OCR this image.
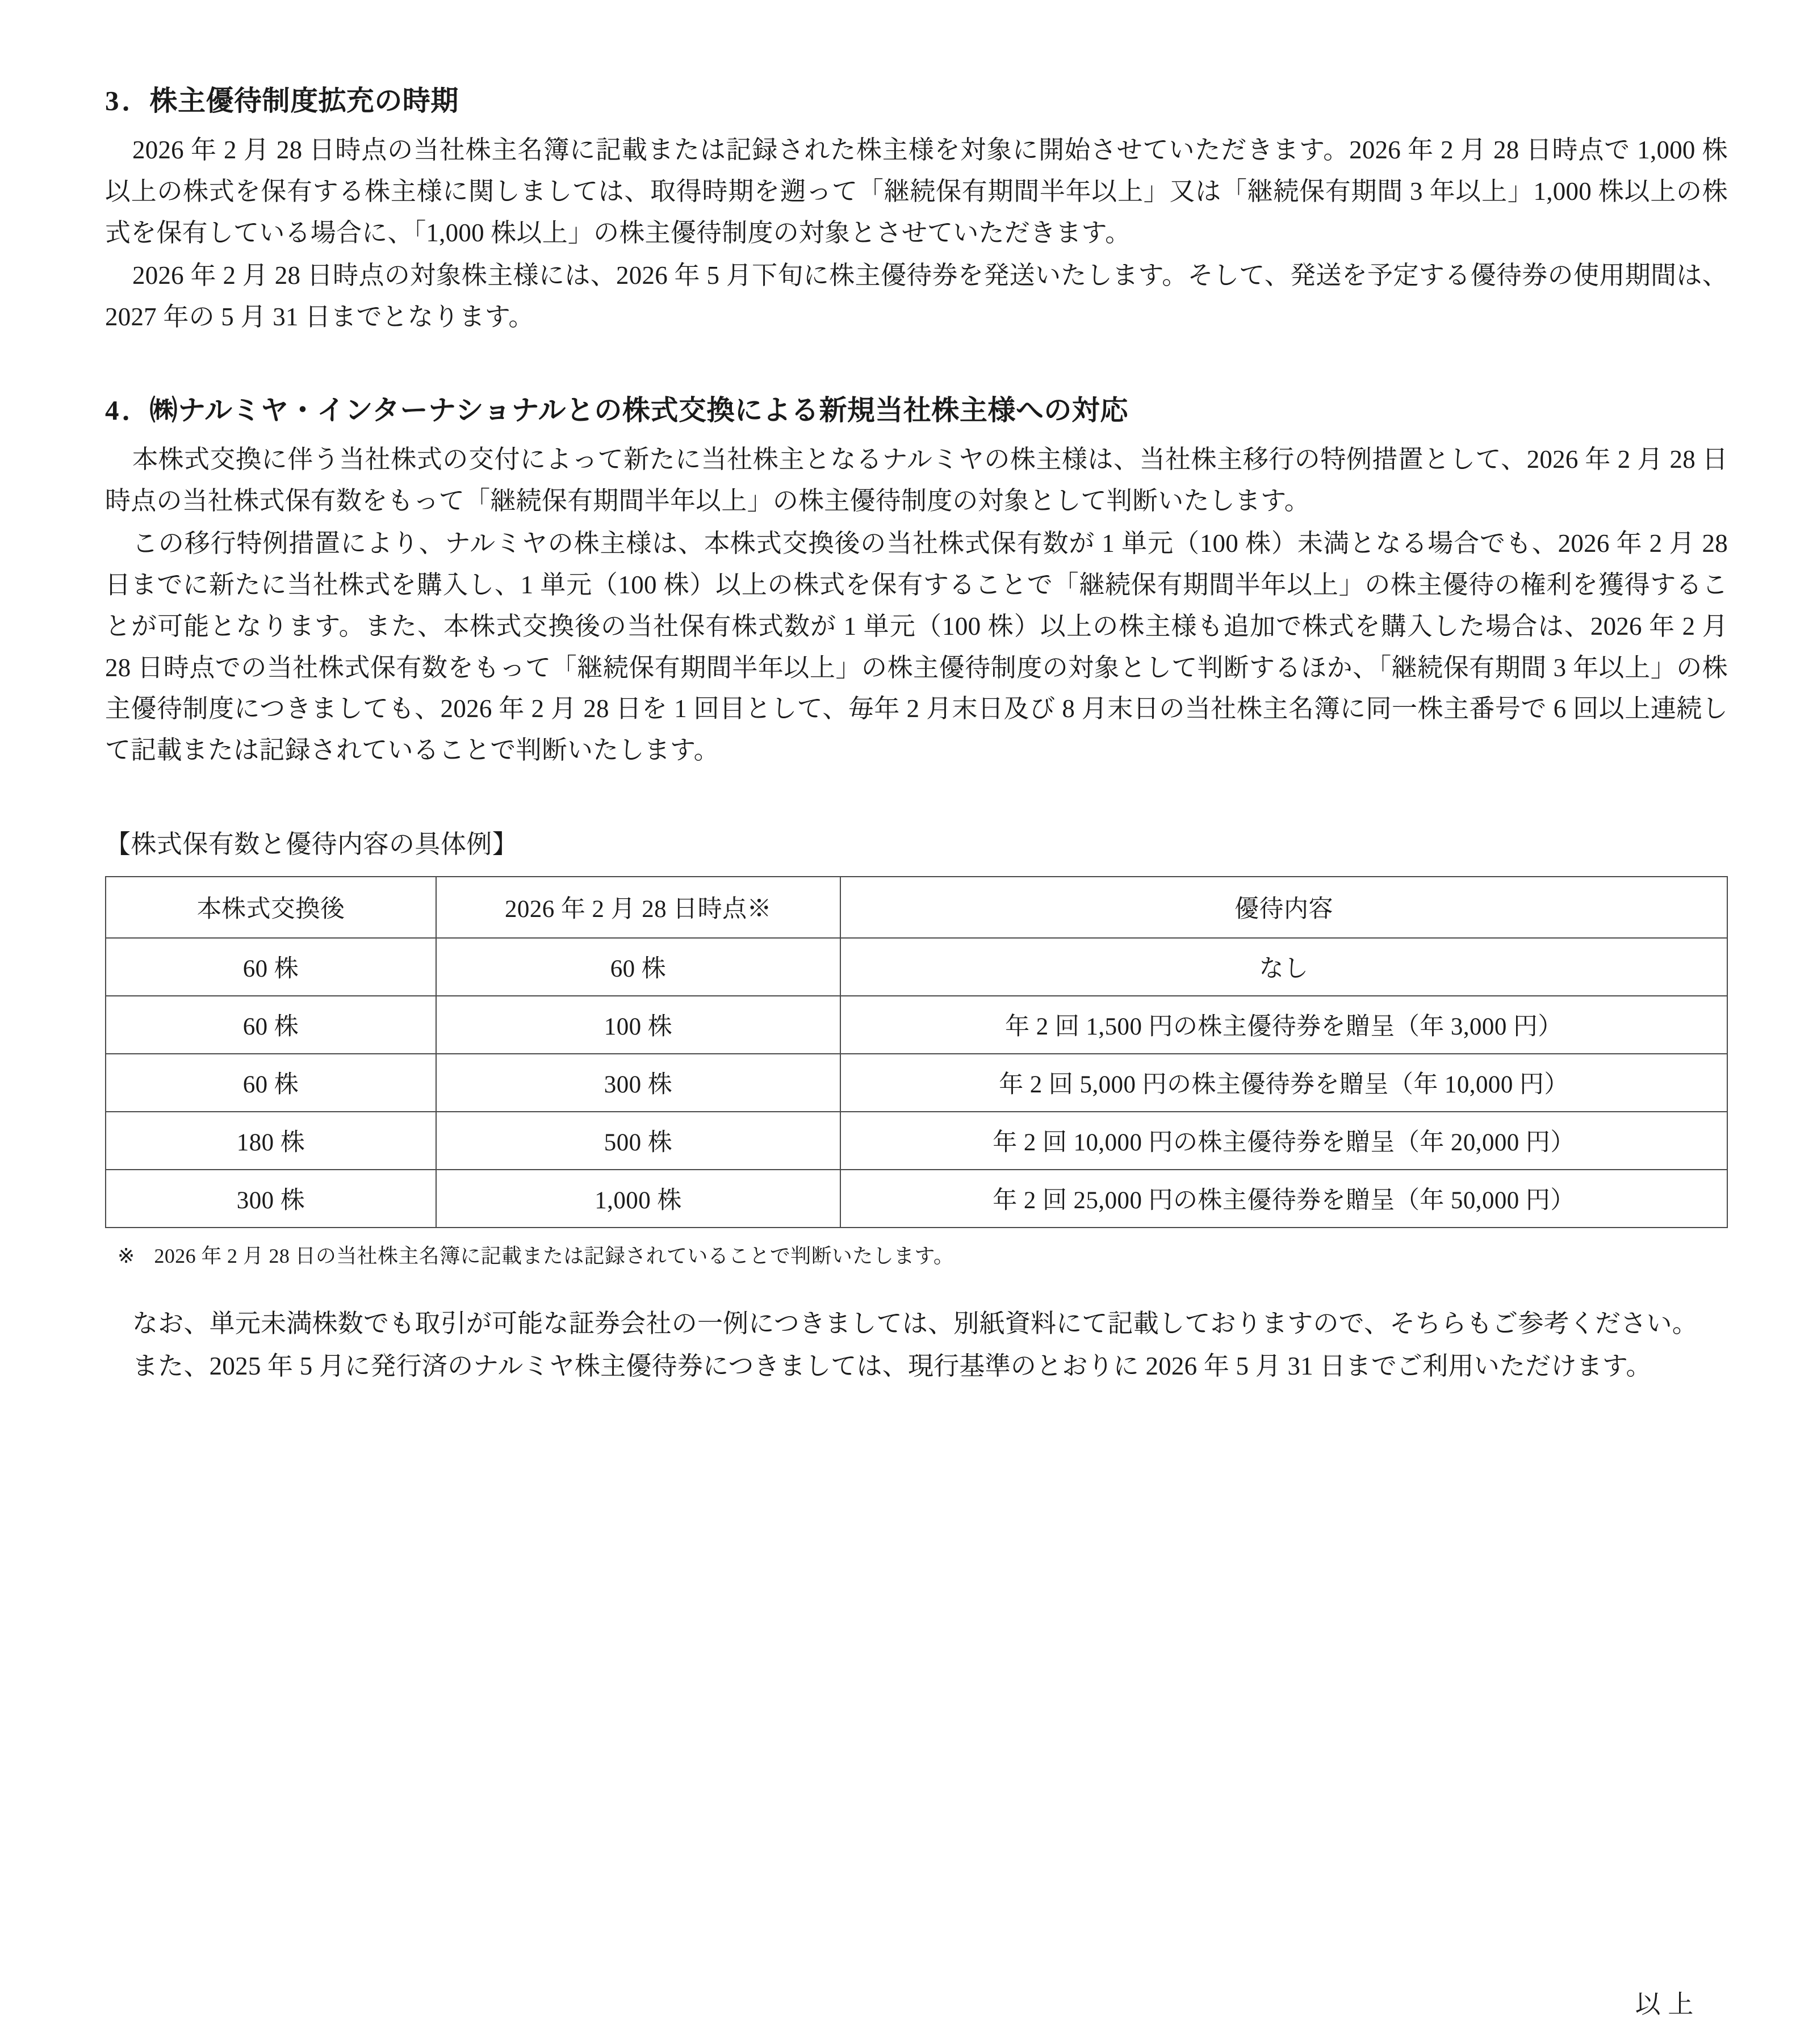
3．株主優待制度拡充の時期

2026 年 2 月 28 日時点の当社株主名簿に記載または記録された株主様を対象に開始させていただきます。2026 年 2 月 28 日時点で 1,000 株以上の株式を保有する株主様に関しましては、取得時期を遡って「継続保有期間半年以上」又は「継続保有期間 3 年以上」1,000 株以上の株式を保有している場合に、「1,000 株以上」の株主優待制度の対象とさせていただきます。

2026 年 2 月 28 日時点の対象株主様には、2026 年 5 月下旬に株主優待券を発送いたします。そして、発送を予定する優待券の使用期間は、2027 年の 5 月 31 日までとなります。

4．㈱ナルミヤ・インターナショナルとの株式交換による新規当社株主様への対応

本株式交換に伴う当社株式の交付によって新たに当社株主となるナルミヤの株主様は、当社株主移行の特例措置として、2026 年 2 月 28 日時点の当社株式保有数をもって「継続保有期間半年以上」の株主優待制度の対象として判断いたします。

この移行特例措置により、ナルミヤの株主様は、本株式交換後の当社株式保有数が 1 単元（100 株）未満となる場合でも、2026 年 2 月 28 日までに新たに当社株式を購入し、1 単元（100 株）以上の株式を保有することで「継続保有期間半年以上」の株主優待の権利を獲得することが可能となります。また、本株式交換後の当社保有株式数が 1 単元（100 株）以上の株主様も追加で株式を購入した場合は、2026 年 2 月 28 日時点での当社株式保有数をもって「継続保有期間半年以上」の株主優待制度の対象として判断するほか、「継続保有期間 3 年以上」の株主優待制度につきましても、2026 年 2 月 28 日を 1 回目として、毎年 2 月末日及び 8 月末日の当社株主名簿に同一株主番号で 6 回以上連続して記載または記録されていることで判断いたします。

【株式保有数と優待内容の具体例】
本株式交換後	2026 年 2 月 28 日時点※	優待内容
60 株	60 株	なし
60 株	100 株	年 2 回 1,500 円の株主優待券を贈呈（年 3,000 円）
60 株	300 株	年 2 回 5,000 円の株主優待券を贈呈（年 10,000 円）
180 株	500 株	年 2 回 10,000 円の株主優待券を贈呈（年 20,000 円）
300 株	1,000 株	年 2 回 25,000 円の株主優待券を贈呈（年 50,000 円）

※ 2026 年 2 月 28 日の当社株主名簿に記載または記録されていることで判断いたします。

なお、単元未満株数でも取引が可能な証券会社の一例につきましては、別紙資料にて記載しておりますので、そちらもご参考ください。

また、2025 年 5 月に発行済のナルミヤ株主優待券につきましては、現行基準のとおりに 2026 年 5 月 31 日までご利用いただけます。

以上
